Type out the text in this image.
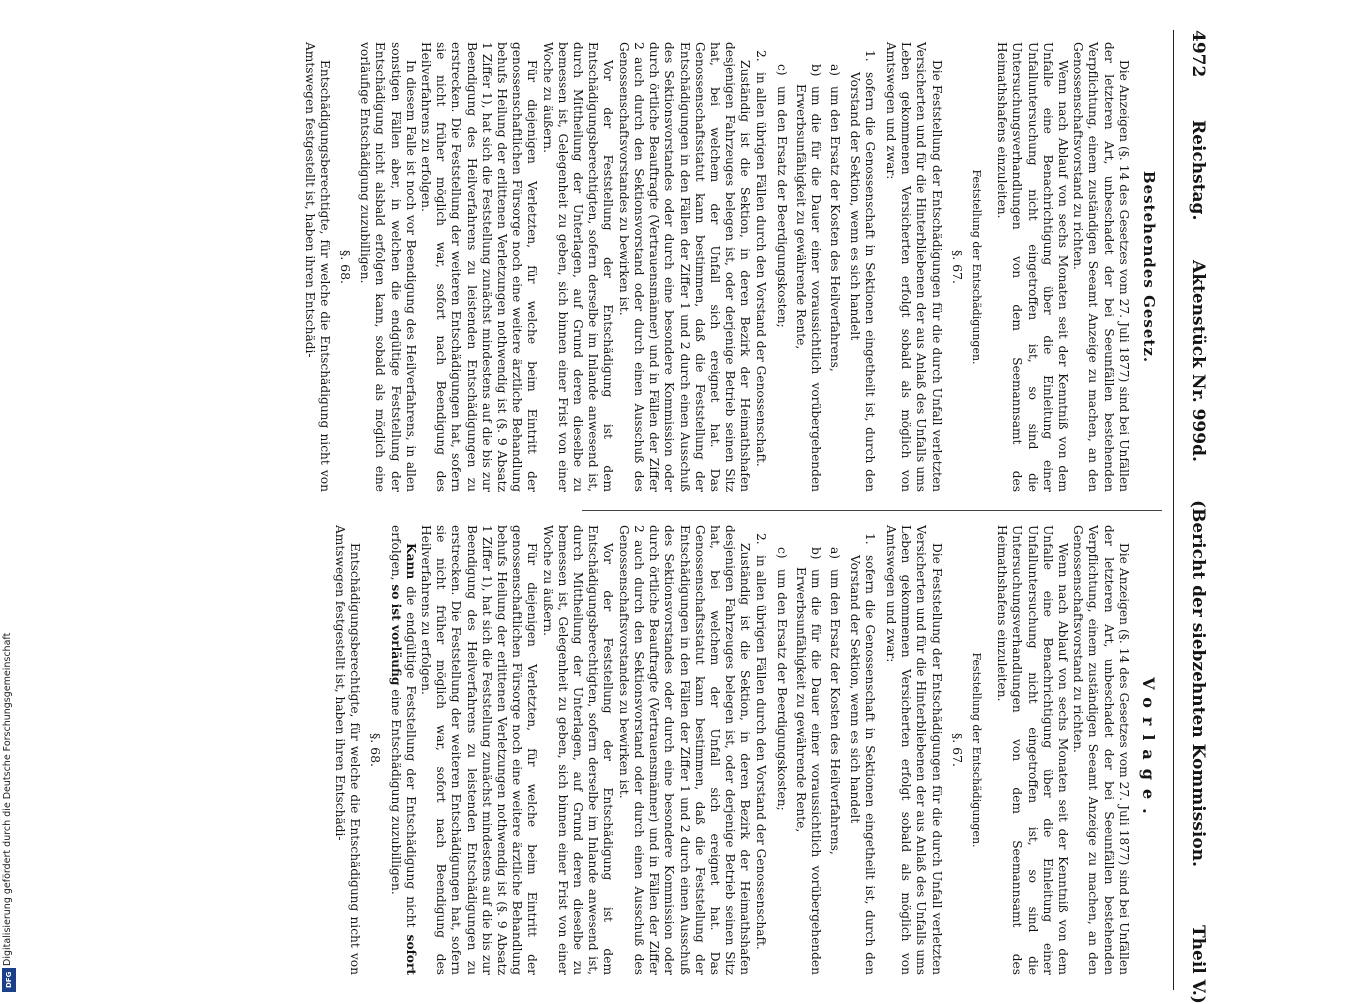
4972
Reichstag.
Aktenstück Nr. 999d.
(Bericht der siebzehnten Kommission.
Theil V.)
Bestehendes Gesetz.

Die Anzeigen (§. 14 des Gesetzes vom 27. Juli 1877) sind bei Unfällen der letzteren Art, unbeschadet der bei Seeunfällen bestehenden Verpflichtung, einem zuständigen Seeamt Anzeige zu machen, an den Genossenschaftsvorstand zu richten.

Wenn nach Ablauf von sechs Monaten seit der Kenntniß von dem Unfalle eine Benachrichtigung über die Einleitung einer Unfalluntersuchung nicht eingetroffen ist, so sind die Untersuchungsverhandlungen von dem Seemannsamt des Heimathshafens einzuleiten.

Feststellung der Entschädigungen.
§. 67.

Die Feststellung der Entschädigungen für die durch Unfall verletzten Versicherten und für die Hinterbliebenen der aus Anlaß des Unfalls ums Leben gekommenen Versicherten erfolgt sobald als möglich von Amtswegen und zwar:

1.sofern die Genossenschaft in Sektionen eingetheilt ist, durch den Vorstand der Sektion, wenn es sich handelt
a)um den Ersatz der Kosten des Heilverfahrens,
b)um die für die Dauer einer voraussichtlich vorübergehenden Erwerbsunfähigkeit zu gewährende Rente,
c)um den Ersatz der Beerdigungskosten;
2.in allen übrigen Fällen durch den Vorstand der Genossenschaft.

Zuständig ist die Sektion, in deren Bezirk der Heimathshafen desjenigen Fahrzeuges belegen ist, oder derjenige Betrieb seinen Sitz hat, bei welchem der Unfall sich ereignet hat. Das Genossenschaftsstatut kann bestimmen, daß die Feststellung der Entschädigungen in den Fällen der Ziffer 1 und 2 durch einen Ausschuß des Sektionsvorstandes oder durch eine besondere Kommission oder durch örtliche Beauftragte (Vertrauensmänner) und in Fällen der Ziffer 2 auch durch den Sektionsvorstand oder durch einen Ausschuß des Genossenschaftsvorstandes zu bewirken ist.

Vor der Feststellung der Entschädigung ist dem Entschädigungsberechtigten, sofern derselbe im Inlande anwesend ist, durch Mittheilung der Unterlagen, auf Grund deren dieselbe zu bemessen ist, Gelegenheit zu geben, sich binnen einer Frist von einer Woche zu äußern.

Für diejenigen Verletzten, für welche beim Eintritt der genossenschaftlichen Fürsorge noch eine weitere ärztliche Behandlung behufs Heilung der erlittenen Verletzungen nothwendig ist (§. 9 Absatz 1 Ziffer 1), hat sich die Feststellung zunächst mindestens auf die bis zur Beendigung des Heilverfahrens zu leistenden Entschädigungen zu erstrecken. Die Feststellung der weiteren Entschädigungen hat, sofern sie nicht früher möglich war, sofort nach Beendigung des Heilverfahrens zu erfolgen.

In diesem Falle ist noch vor Beendigung des Heilverfahrens, in allen sonstigen Fällen aber, in welchen die endgültige Feststellung der Entschädigung nicht alsbald erfolgen kann, sobald als möglich eine vorläufige Entschädigung zuzubilligen.

§. 68.

Entschädigungsberechtigte, für welche die Entschädigung nicht von Amtswegen festgestellt ist, haben ihren Entschädi-

Vorlage.

Die Anzeigen (§. 14 des Gesetzes vom 27. Juli 1877) sind bei Unfällen der letzteren Art, unbeschadet der bei Seeunfällen bestehenden Verpflichtung, einem zuständigen Seeamt Anzeige zu machen, an den Genossenschaftsvorstand zu richten.

Wenn nach Ablauf von sechs Monaten seit der Kenntniß von dem Unfalle eine Benachrichtigung über die Einleitung einer Unfalluntersuchung nicht eingetroffen ist, so sind die Untersuchungsverhandlungen von dem Seemannsamt des Heimathshafens einzuleiten.

Feststellung der Entschädigungen.
§. 67.

Die Feststellung der Entschädigungen für die durch Unfall verletzten Versicherten und für die Hinterbliebenen der aus Anlaß des Unfalls ums Leben gekommenen Versicherten erfolgt sobald als möglich von Amtswegen und zwar:

1.sofern die Genossenschaft in Sektionen eingetheilt ist, durch den Vorstand der Sektion, wenn es sich handelt
a)um den Ersatz der Kosten des Heilverfahrens,
b)um die für die Dauer einer voraussichtlich vorübergehenden Erwerbsunfähigkeit zu gewährende Rente,
c)um den Ersatz der Beerdigungskosten;
2.in allen übrigen Fällen durch den Vorstand der Genossenschaft.

Zuständig ist die Sektion, in deren Bezirk der Heimathshafen desjenigen Fahrzeuges belegen ist, oder derjenige Betrieb seinen Sitz hat, bei welchem der Unfall sich ereignet hat. Das Genossenschaftsstatut kann bestimmen, daß die Feststellung der Entschädigungen in den Fällen der Ziffer 1 und 2 durch einen Ausschuß des Sektionsvorstandes oder durch eine besondere Kommission oder durch örtliche Beauftragte (Vertrauensmänner) und in Fällen der Ziffer 2 auch durch den Sektionsvorstand oder durch einen Ausschuß des Genossenschaftsvorstandes zu bewirken ist.

Vor der Feststellung der Entschädigung ist dem Entschädigungsberechtigten, sofern derselbe im Inlande anwesend ist, durch Mittheilung der Unterlagen, auf Grund deren dieselbe zu bemessen ist, Gelegenheit zu geben, sich binnen einer Frist von einer Woche zu äußern.

Für diejenigen Verletzten, für welche beim Eintritt der genossenschaftlichen Fürsorge noch eine weitere ärztliche Behandlung behufs Heilung der erlittenen Verletzungen nothwendig ist (§. 9 Absatz 1 Ziffer 1), hat sich die Feststellung zunächst mindestens auf die bis zur Beendigung des Heilverfahrens zu leistenden Entschädigungen zu erstrecken. Die Feststellung der weiteren Entschädigungen hat, sofern sie nicht früher möglich war, sofort nach Beendigung des Heilverfahrens zu erfolgen.

Kann die endgültige Feststellung der Entschädigung nicht sofort erfolgen, so ist vorläufig eine Entschädigung zuzubilligen.

§. 68.

Entschädigungsberechtigte, für welche die Entschädigung nicht von Amtswegen festgestellt ist, haben ihren Entschädi-

Digitalisierung gefördert durch die Deutsche Forschungsgemeinschaft
DFG
